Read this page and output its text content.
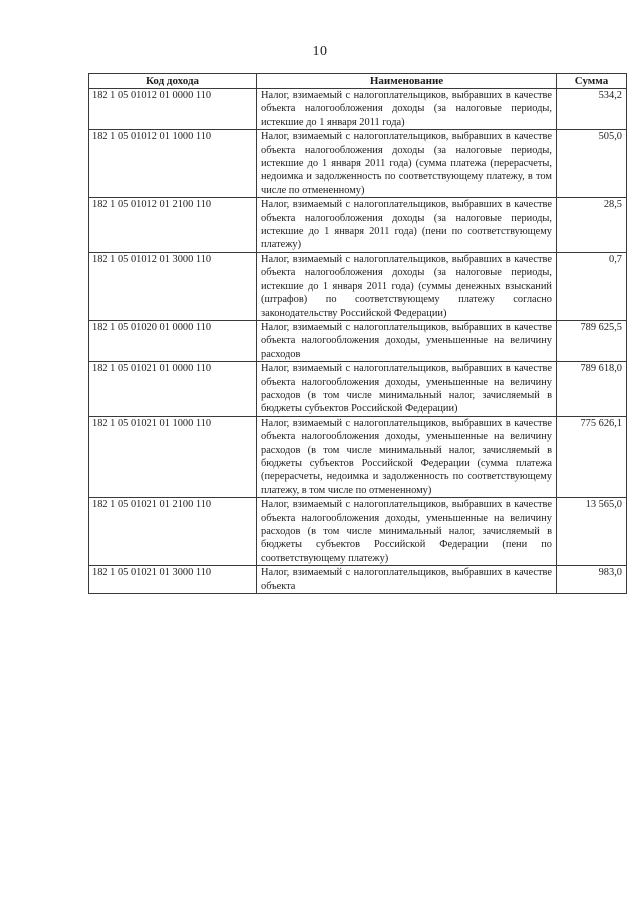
10
Код дохода	Наименование	Сумма
182 1 05 01012 01 0000 110	Налог, взимаемый с налогоплательщиков, выбравших в качестве объекта налогообложения доходы (за налоговые периоды, истекшие до 1 января 2011 года)	534,2
182 1 05 01012 01 1000 110	Налог, взимаемый с налогоплательщиков, выбравших в качестве объекта налогообложения доходы (за налоговые периоды, истекшие до 1 января 2011 года) (сумма платежа (перерасчеты, недоимка и задолженность по соответствующему платежу, в том числе по отмененному)	505,0
182 1 05 01012 01 2100 110	Налог, взимаемый с налогоплательщиков, выбравших в качестве объекта налогообложения доходы (за налоговые периоды, истекшие до 1 января 2011 года) (пени по соответствующему платежу)	28,5
182 1 05 01012 01 3000 110	Налог, взимаемый с налогоплательщиков, выбравших в качестве объекта налогообложения доходы (за налоговые периоды, истекшие до 1 января 2011 года) (суммы денежных взысканий (штрафов) по соответствующему платежу согласно законодательству Российской Федерации)	0,7
182 1 05 01020 01 0000 110	Налог, взимаемый с налогоплательщиков, выбравших в качестве объекта налогообложения доходы, уменьшенные на величину расходов	789 625,5
182 1 05 01021 01 0000 110	Налог, взимаемый с налогоплательщиков, выбравших в качестве объекта налогообложения доходы, уменьшенные на величину расходов (в том числе минимальный налог, зачисляемый в бюджеты субъектов Российской Федерации)	789 618,0
182 1 05 01021 01 1000 110	Налог, взимаемый с налогоплательщиков, выбравших в качестве объекта налогообложения доходы, уменьшенные на величину расходов (в том числе минимальный налог, зачисляемый в бюджеты субъектов Российской Федерации (сумма платежа (перерасчеты, недоимка и задолженность по соответствующему платежу, в том числе по отмененному)	775 626,1
182 1 05 01021 01 2100 110	Налог, взимаемый с налогоплательщиков, выбравших в качестве объекта налогообложения доходы, уменьшенные на величину расходов (в том числе минимальный налог, зачисляемый в бюджеты субъектов Российской Федерации (пени по соответствующему платежу)	13 565,0
182 1 05 01021 01 3000 110	Налог, взимаемый с налогоплательщиков, выбравших в качестве объекта	983,0
